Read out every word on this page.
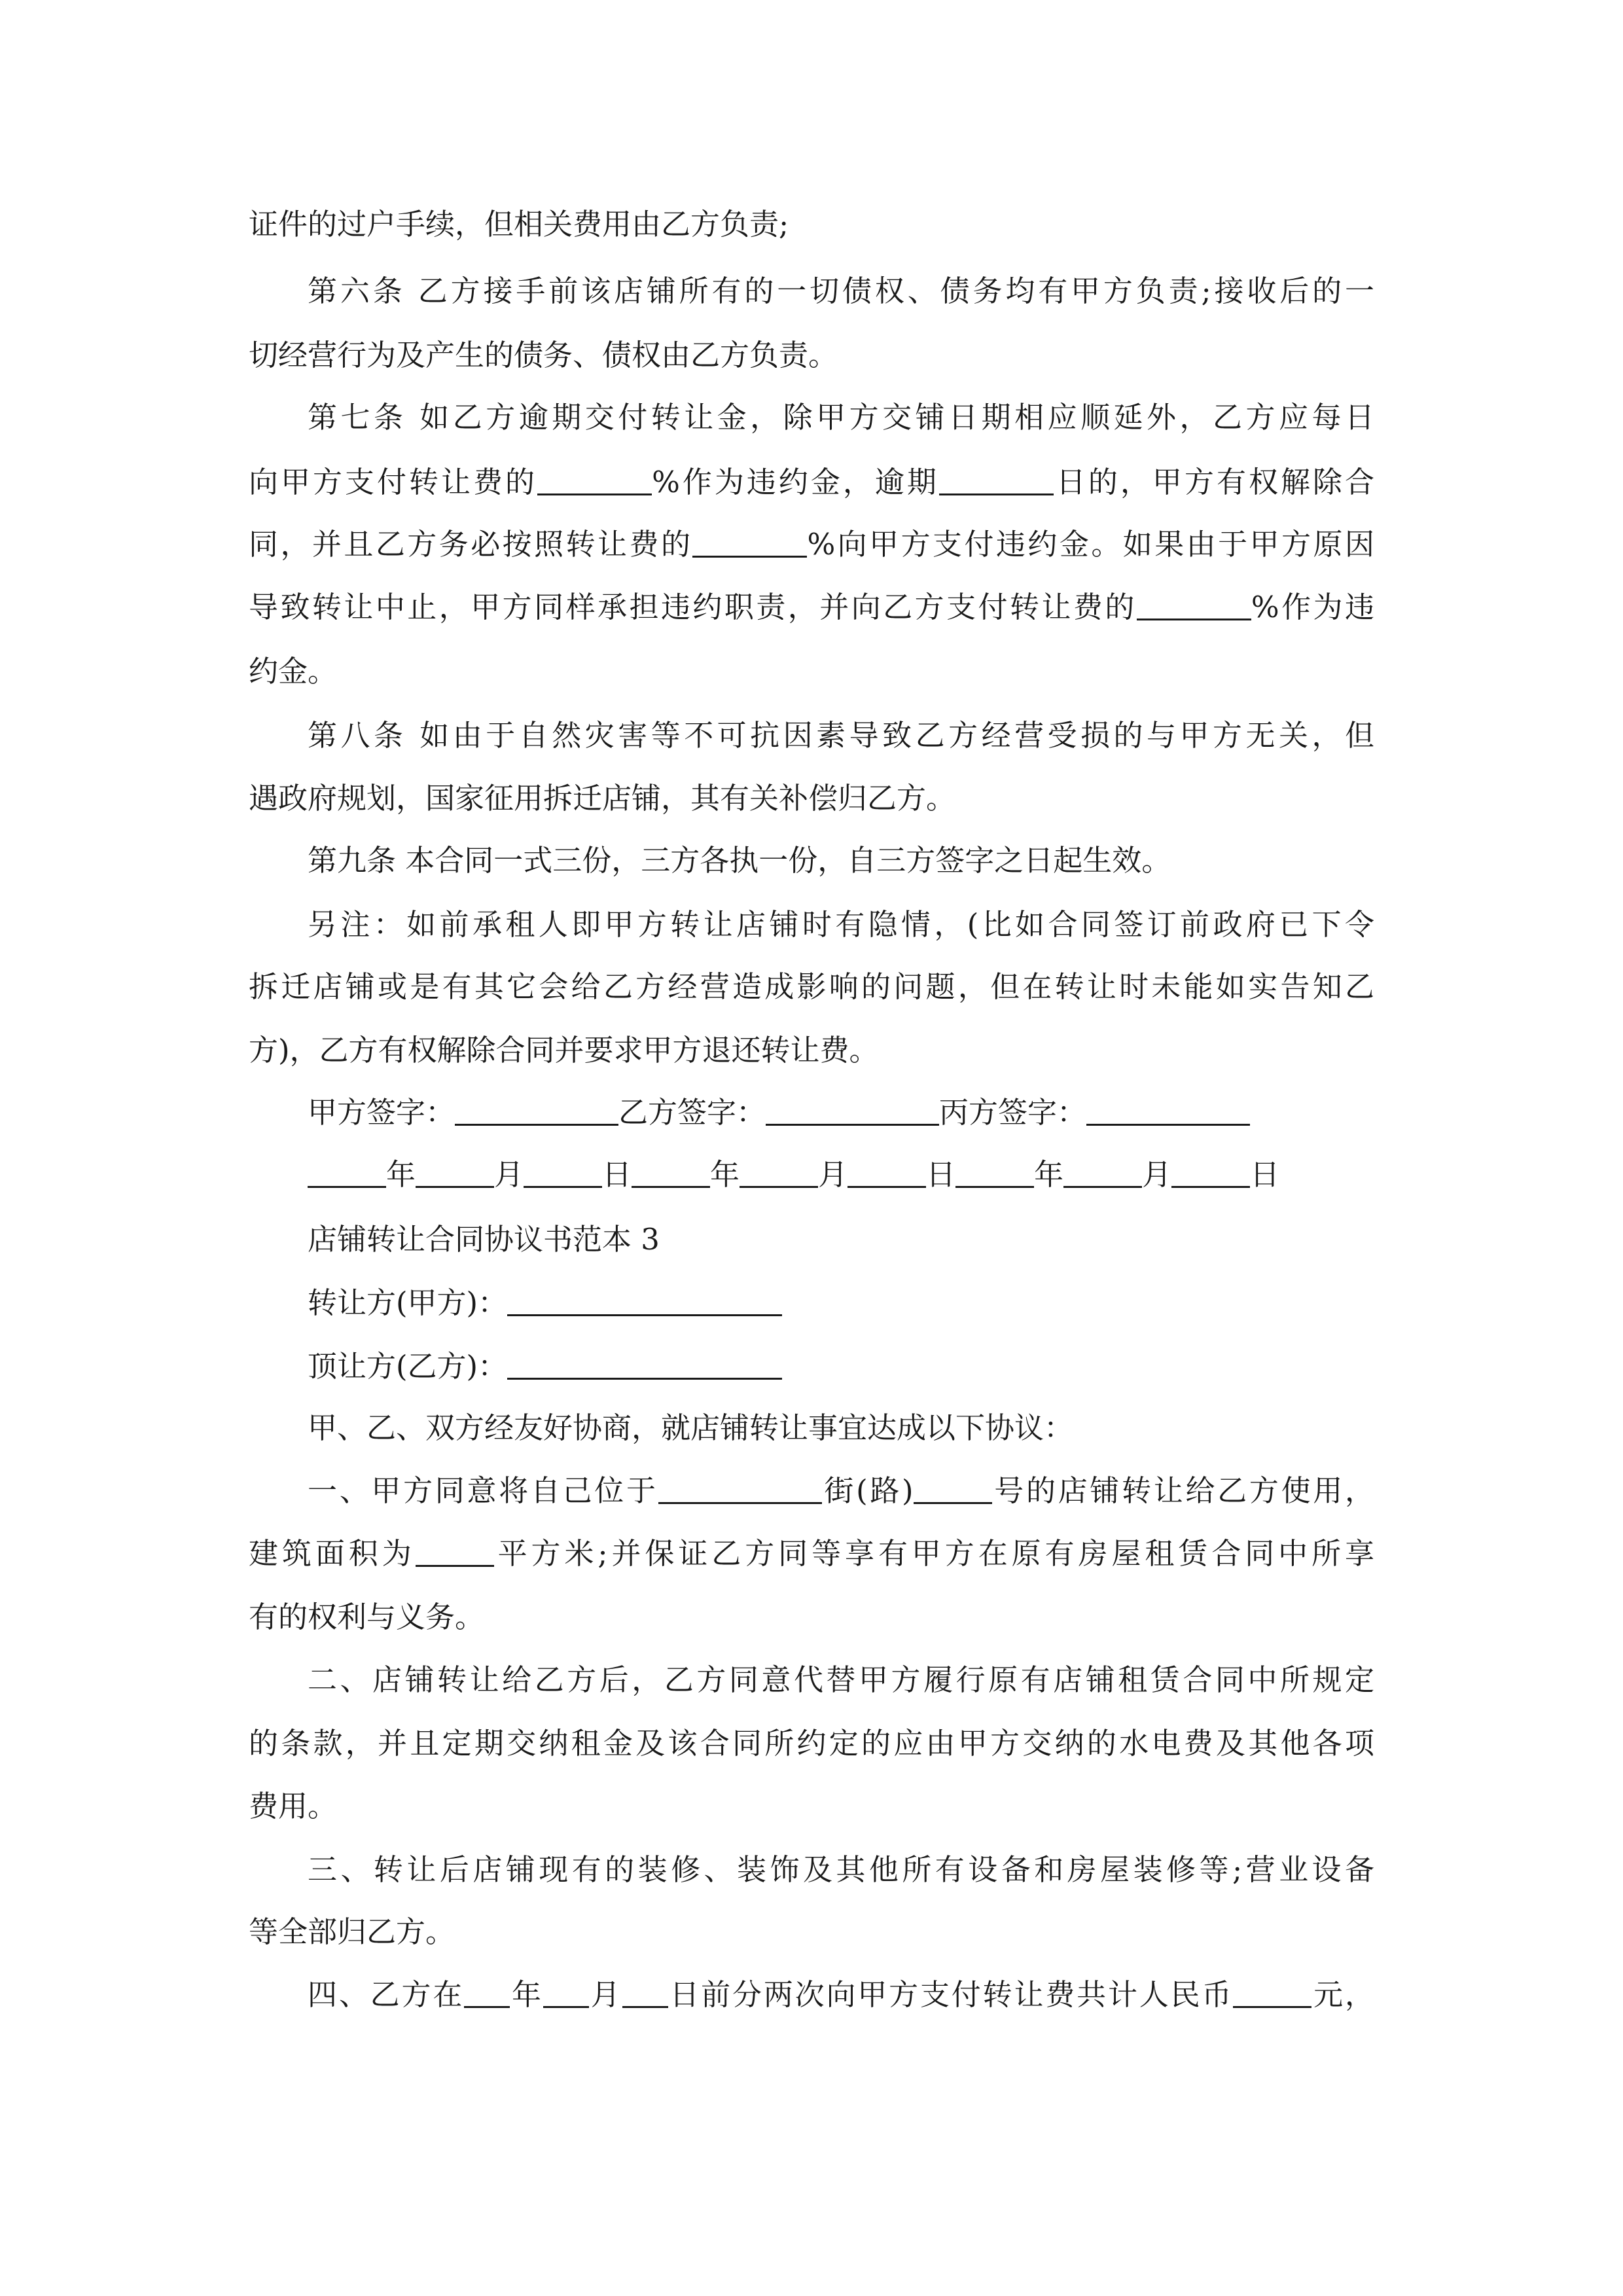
证件的过户手续，但相关费用由乙方负责;
第六条 乙方接手前该店铺所有的一切债权、债务均有甲方负责;接收后的一
切经营行为及产生的债务、债权由乙方负责。
第七条 如乙方逾期交付转让金，除甲方交铺日期相应顺延外，乙方应每日
向甲方支付转让费的	%作为违约金，逾期	日的，甲方有权解除合
同，并且乙方务必按照转让费的	%向甲方支付违约金。如果由于甲方原因
导致转让中止，甲方同样承担违约职责，并向乙方支付转让费的	%作为违
约金。
第八条 如由于自然灾害等不可抗因素导致乙方经营受损的与甲方无关，但
遇政府规划，国家征用拆迁店铺，其有关补偿归乙方。
第九条 本合同一式三份，三方各执一份，自三方签字之日起生效。
另注：如前承租人即甲方转让店铺时有隐情，(比如合同签订前政府已下令
拆迁店铺或是有其它会给乙方经营造成影响的问题，但在转让时未能如实告知乙
方)，乙方有权解除合同并要求甲方退还转让费。
甲方签字：	乙方签字：	丙方签字：
年	月	日	年	月	日	年	月	日
店铺转让合同协议书范本 3
转让方(甲方)：
顶让方(乙方)：
甲、乙、双方经友好协商，就店铺转让事宜达成以下协议：
一、甲方同意将自己位于	街(路)	号的店铺转让给乙方使用，
建筑面积为	平方米;并保证乙方同等享有甲方在原有房屋租赁合同中所享
有的权利与义务。
二、店铺转让给乙方后，乙方同意代替甲方履行原有店铺租赁合同中所规定
的条款，并且定期交纳租金及该合同所约定的应由甲方交纳的水电费及其他各项
费用。
三、转让后店铺现有的装修、装饰及其他所有设备和房屋装修等;营业设备
等全部归乙方。
四、乙方在 年 月 日前分两次向甲方支付转让费共计人民币	元，
